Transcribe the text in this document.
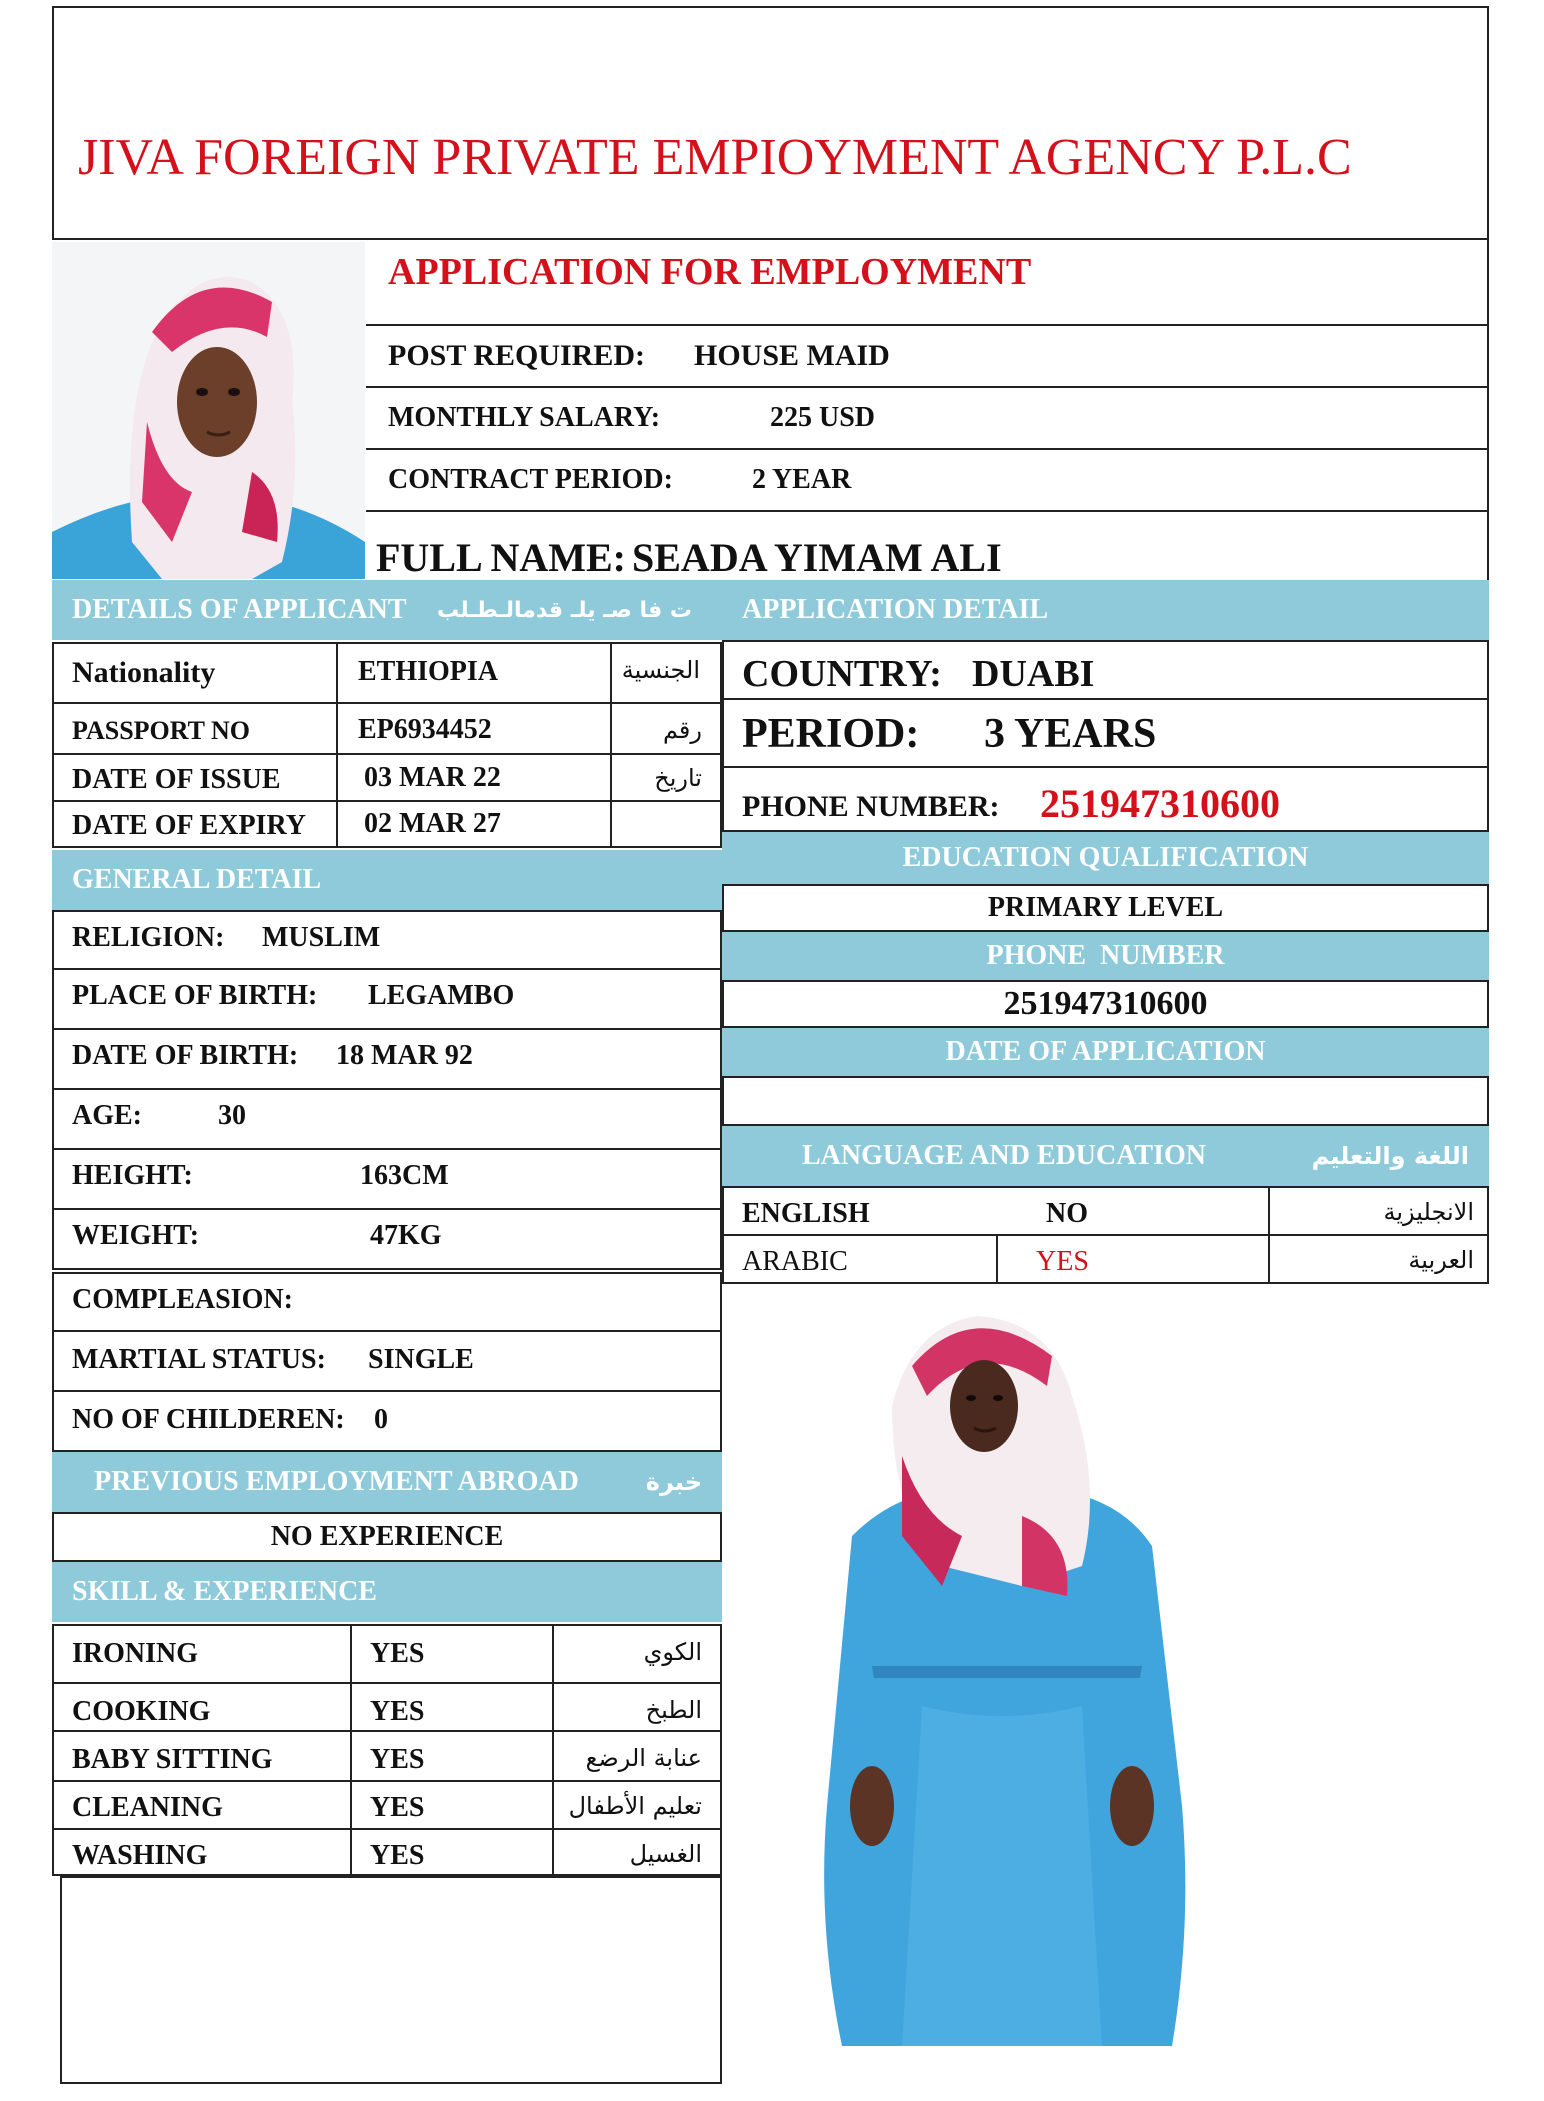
JIVA FOREIGN PRIVATE EMPIOYMENT AGENCY P.L.C
APPLICATION FOR EMPLOYMENT
POST REQUIRED: HOUSE MAID
MONTHLY SALARY:	225 USD
CONTRACT PERIOD:	2 YEAR
FULL NAME: SEADA YIMAM ALI
DETAILS OF APPLICANT ت فا صـ يلـ قدمالـطـلب
Nationality	ETHIOPIA	الجنسية
PASSPORT NO	EP6934452	رقم
DATE OF ISSUE	03 MAR 22	تاريخ
DATE OF EXPIRY 02 MAR 27
GENERAL DETAIL
RELIGION: MUSLIM
PLACE OF BIRTH: LEGAMBO
DATE OF BIRTH: 18 MAR 92
AGE:	30
HEIGHT:	163CM
WEIGHT:	47KG
COMPLEASION:
MARTIAL STATUS: SINGLE
NO OF CHILDEREN: 0
PREVIOUS EMPLOYMENT ABROAD	خبرة
NO EXPERIENCE
SKILL & EXPERIENCE
IRONING	YES	الكوي
COOKING	YES	الطبخ
BABY SITTING	YES	عنابة الرضع
CLEANING	YES	تعليم الأطفال
WASHING	YES	الغسيل
APPLICATION DETAIL
COUNTRY: DUABI
PERIOD: 3 YEARS
PHONE NUMBER: 251947310600
EDUCATION QUALIFICATION
PRIMARY LEVEL
PHONE  NUMBER
251947310600
DATE OF APPLICATION
LANGUAGE AND EDUCATION	اللغة والتعليم
ENGLISH	NO	الانجليزية
ARABIC	YES	العربية
